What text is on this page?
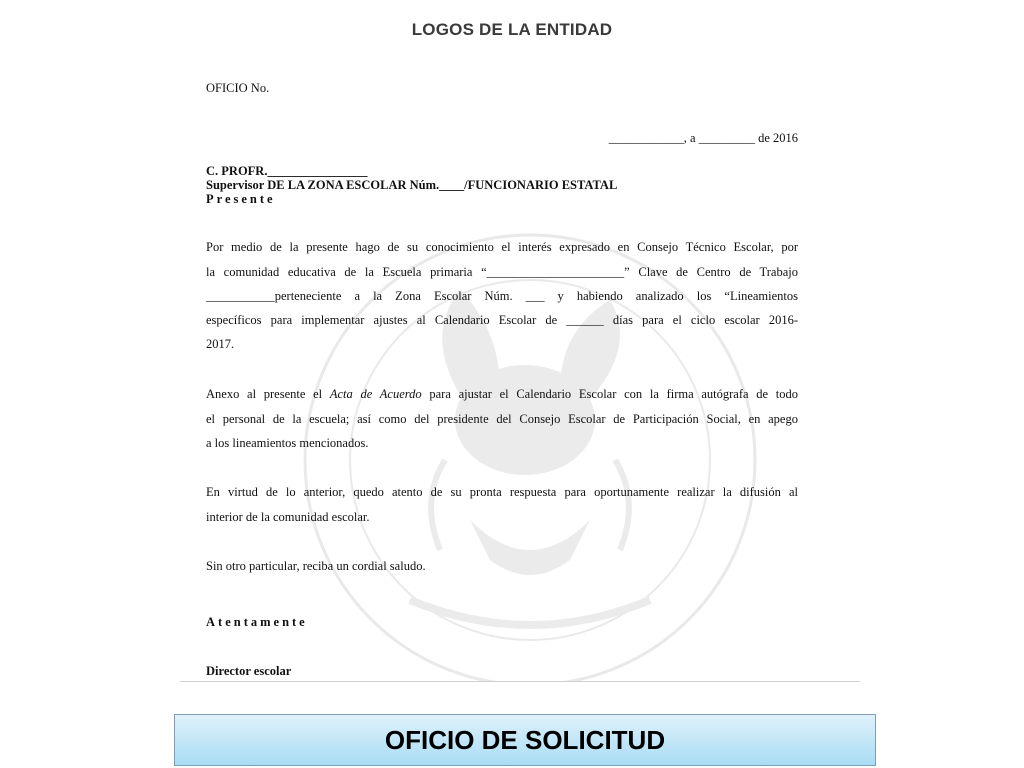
LOGOS DE LA ENTIDAD
OFICIO No.
____________, a _________ de 2016
C. PROFR.________________
Supervisor DE LA ZONA ESCOLAR Núm.____/FUNCIONARIO ESTATAL
Presente
Por medio de la presente hago de su conocimiento el interés expresado en Consejo Técnico Escolar, por
la comunidad educativa de la Escuela primaria “______________________” Clave de Centro de Trabajo
___________perteneciente a la Zona Escolar Núm. ___ y habiendo analizado los “Lineamientos
específicos para implementar ajustes al Calendario Escolar de ______ días para el ciclo escolar 2016-
2017.
Anexo al presente el Acta de Acuerdo para ajustar el Calendario Escolar con la firma autógrafa de todo
el personal de la escuela; así como del presidente del Consejo Escolar de Participación Social, en apego
a los lineamientos mencionados.
En virtud de lo anterior, quedo atento de su pronta respuesta para oportunamente realizar la difusión al
interior de la comunidad escolar.
Sin otro particular, reciba un cordial saludo.
Atentamente
Director escolar
OFICIO DE SOLICITUD
